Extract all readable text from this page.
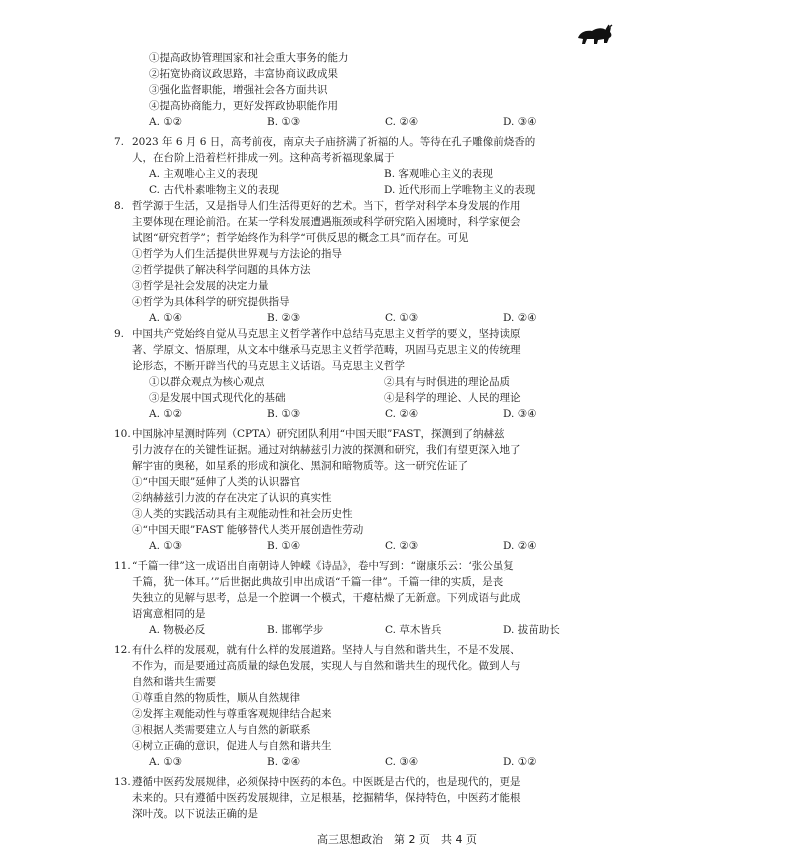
①提高政协管理国家和社会重大事务的能力
②拓宽协商议政思路，丰富协商议政成果
③强化监督职能，增强社会各方面共识
④提高协商能力，更好发挥政协职能作用
A. ①②	B. ①③	C. ②④	D. ③④
7. 2023 年 6 月 6 日，高考前夜，南京夫子庙挤满了祈福的人。等待在孔子雕像前烧香的
人，在台阶上沿着栏杆排成一列。这种高考祈福现象属于
A. 主观唯心主义的表现	B. 客观唯心主义的表现
C. 古代朴素唯物主义的表现	D. 近代形而上学唯物主义的表现
8. 哲学源于生活，又是指导人们生活得更好的艺术。当下，哲学对科学本身发展的作用
主要体现在理论前沿。在某一学科发展遭遇瓶颈或科学研究陷入困境时，科学家便会
试图“研究哲学”；哲学始终作为科学“可供反思的概念工具”而存在。可见
①哲学为人们生活提供世界观与方法论的指导
②哲学提供了解决科学问题的具体方法
③哲学是社会发展的决定力量
④哲学为具体科学的研究提供指导
A. ①④	B. ②③	C. ①③	D. ②④
9. 中国共产党始终自觉从马克思主义哲学著作中总结马克思主义哲学的要义，坚持读原
著、学原文、悟原理，从文本中继承马克思主义哲学范畴，巩固马克思主义的传统理
论形态，不断开辟当代的马克思主义话语。马克思主义哲学
①以群众观点为核心观点	②具有与时俱进的理论品质
③是发展中国式现代化的基础	④是科学的理论、人民的理论
A. ①②	B. ①③	C. ②④	D. ③④
10. 中国脉冲星测时阵列（CPTA）研究团队利用“中国天眼”FAST，探测到了纳赫兹
引力波存在的关键性证据。通过对纳赫兹引力波的探测和研究，我们有望更深入地了
解宇宙的奥秘，如星系的形成和演化、黑洞和暗物质等。这一研究佐证了
①“中国天眼”延伸了人类的认识器官
②纳赫兹引力波的存在决定了认识的真实性
③人类的实践活动具有主观能动性和社会历史性
④“中国天眼”FAST 能够替代人类开展创造性劳动
A. ①③	B. ①④	C. ②③	D. ②④
11. “千篇一律”这一成语出自南朝诗人钟嵘《诗品》，卷中写到：“谢康乐云：‘张公虽复
千篇，犹一体耳。’”后世据此典故引申出成语“千篇一律”。千篇一律的实质，是丧
失独立的见解与思考，总是一个腔调一个模式，干瘪枯燥了无新意。下列成语与此成
语寓意相同的是
A. 物极必反	B. 邯郸学步	C. 草木皆兵	D. 拔苗助长
12. 有什么样的发展观，就有什么样的发展道路。坚持人与自然和谐共生，不是不发展、
不作为，而是要通过高质量的绿色发展，实现人与自然和谐共生的现代化。做到人与
自然和谐共生需要
①尊重自然的物质性，顺从自然规律
②发挥主观能动性与尊重客观规律结合起来
③根据人类需要建立人与自然的新联系
④树立正确的意识，促进人与自然和谐共生
A. ①③	B. ②④	C. ③④	D. ①②
13. 遵循中医药发展规律，必须保持中医药的本色。中医既是古代的，也是现代的，更是
未来的。只有遵循中医药发展规律，立足根基，挖掘精华，保持特色，中医药才能根
深叶茂。以下说法正确的是
高三思想政治　第 2 页　共 4 页
